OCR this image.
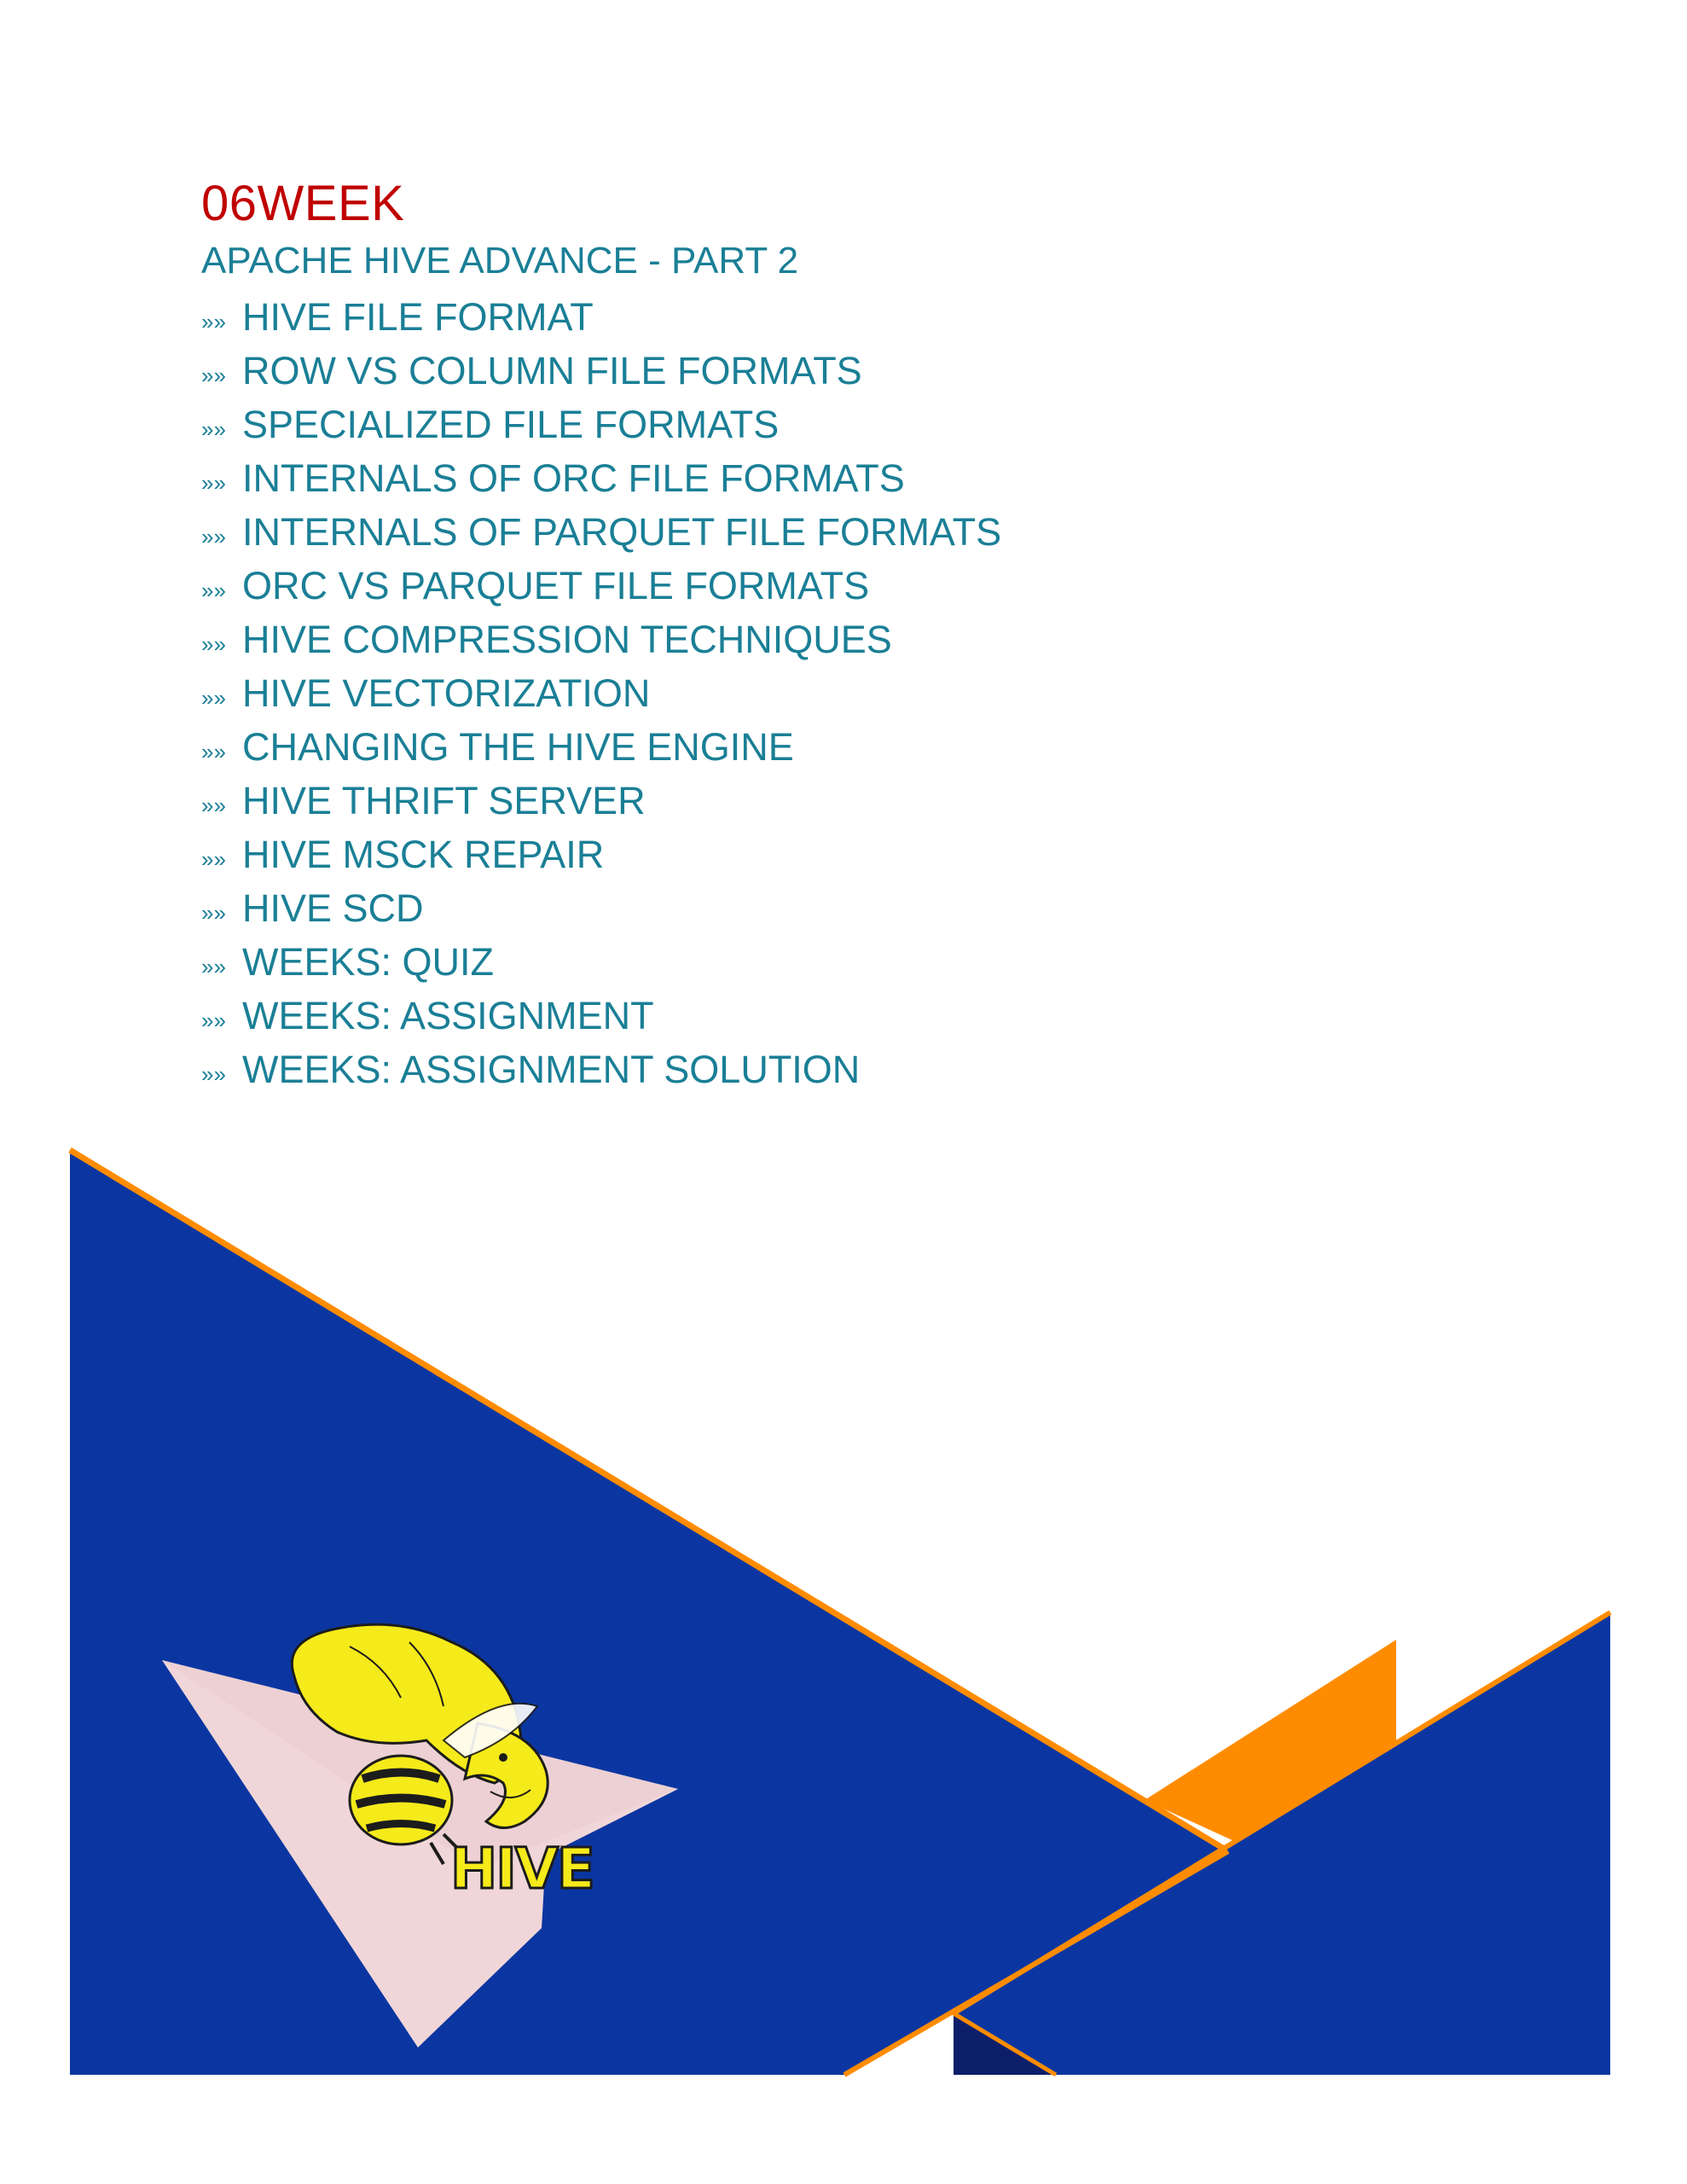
HIVE
06WEEK
APACHE HIVE ADVANCE - PART 2
»» HIVE FILE FORMAT
»» ROW VS COLUMN FILE FORMATS
»» SPECIALIZED FILE FORMATS
»» INTERNALS OF ORC FILE FORMATS
»» INTERNALS OF PARQUET FILE FORMATS
»» ORC VS PARQUET FILE FORMATS
»» HIVE COMPRESSION TECHNIQUES
»» HIVE VECTORIZATION
»» CHANGING THE HIVE ENGINE
»» HIVE THRIFT SERVER
»» HIVE MSCK REPAIR
»» HIVE SCD
»» WEEKS: QUIZ
»» WEEKS: ASSIGNMENT
»» WEEKS: ASSIGNMENT SOLUTION
